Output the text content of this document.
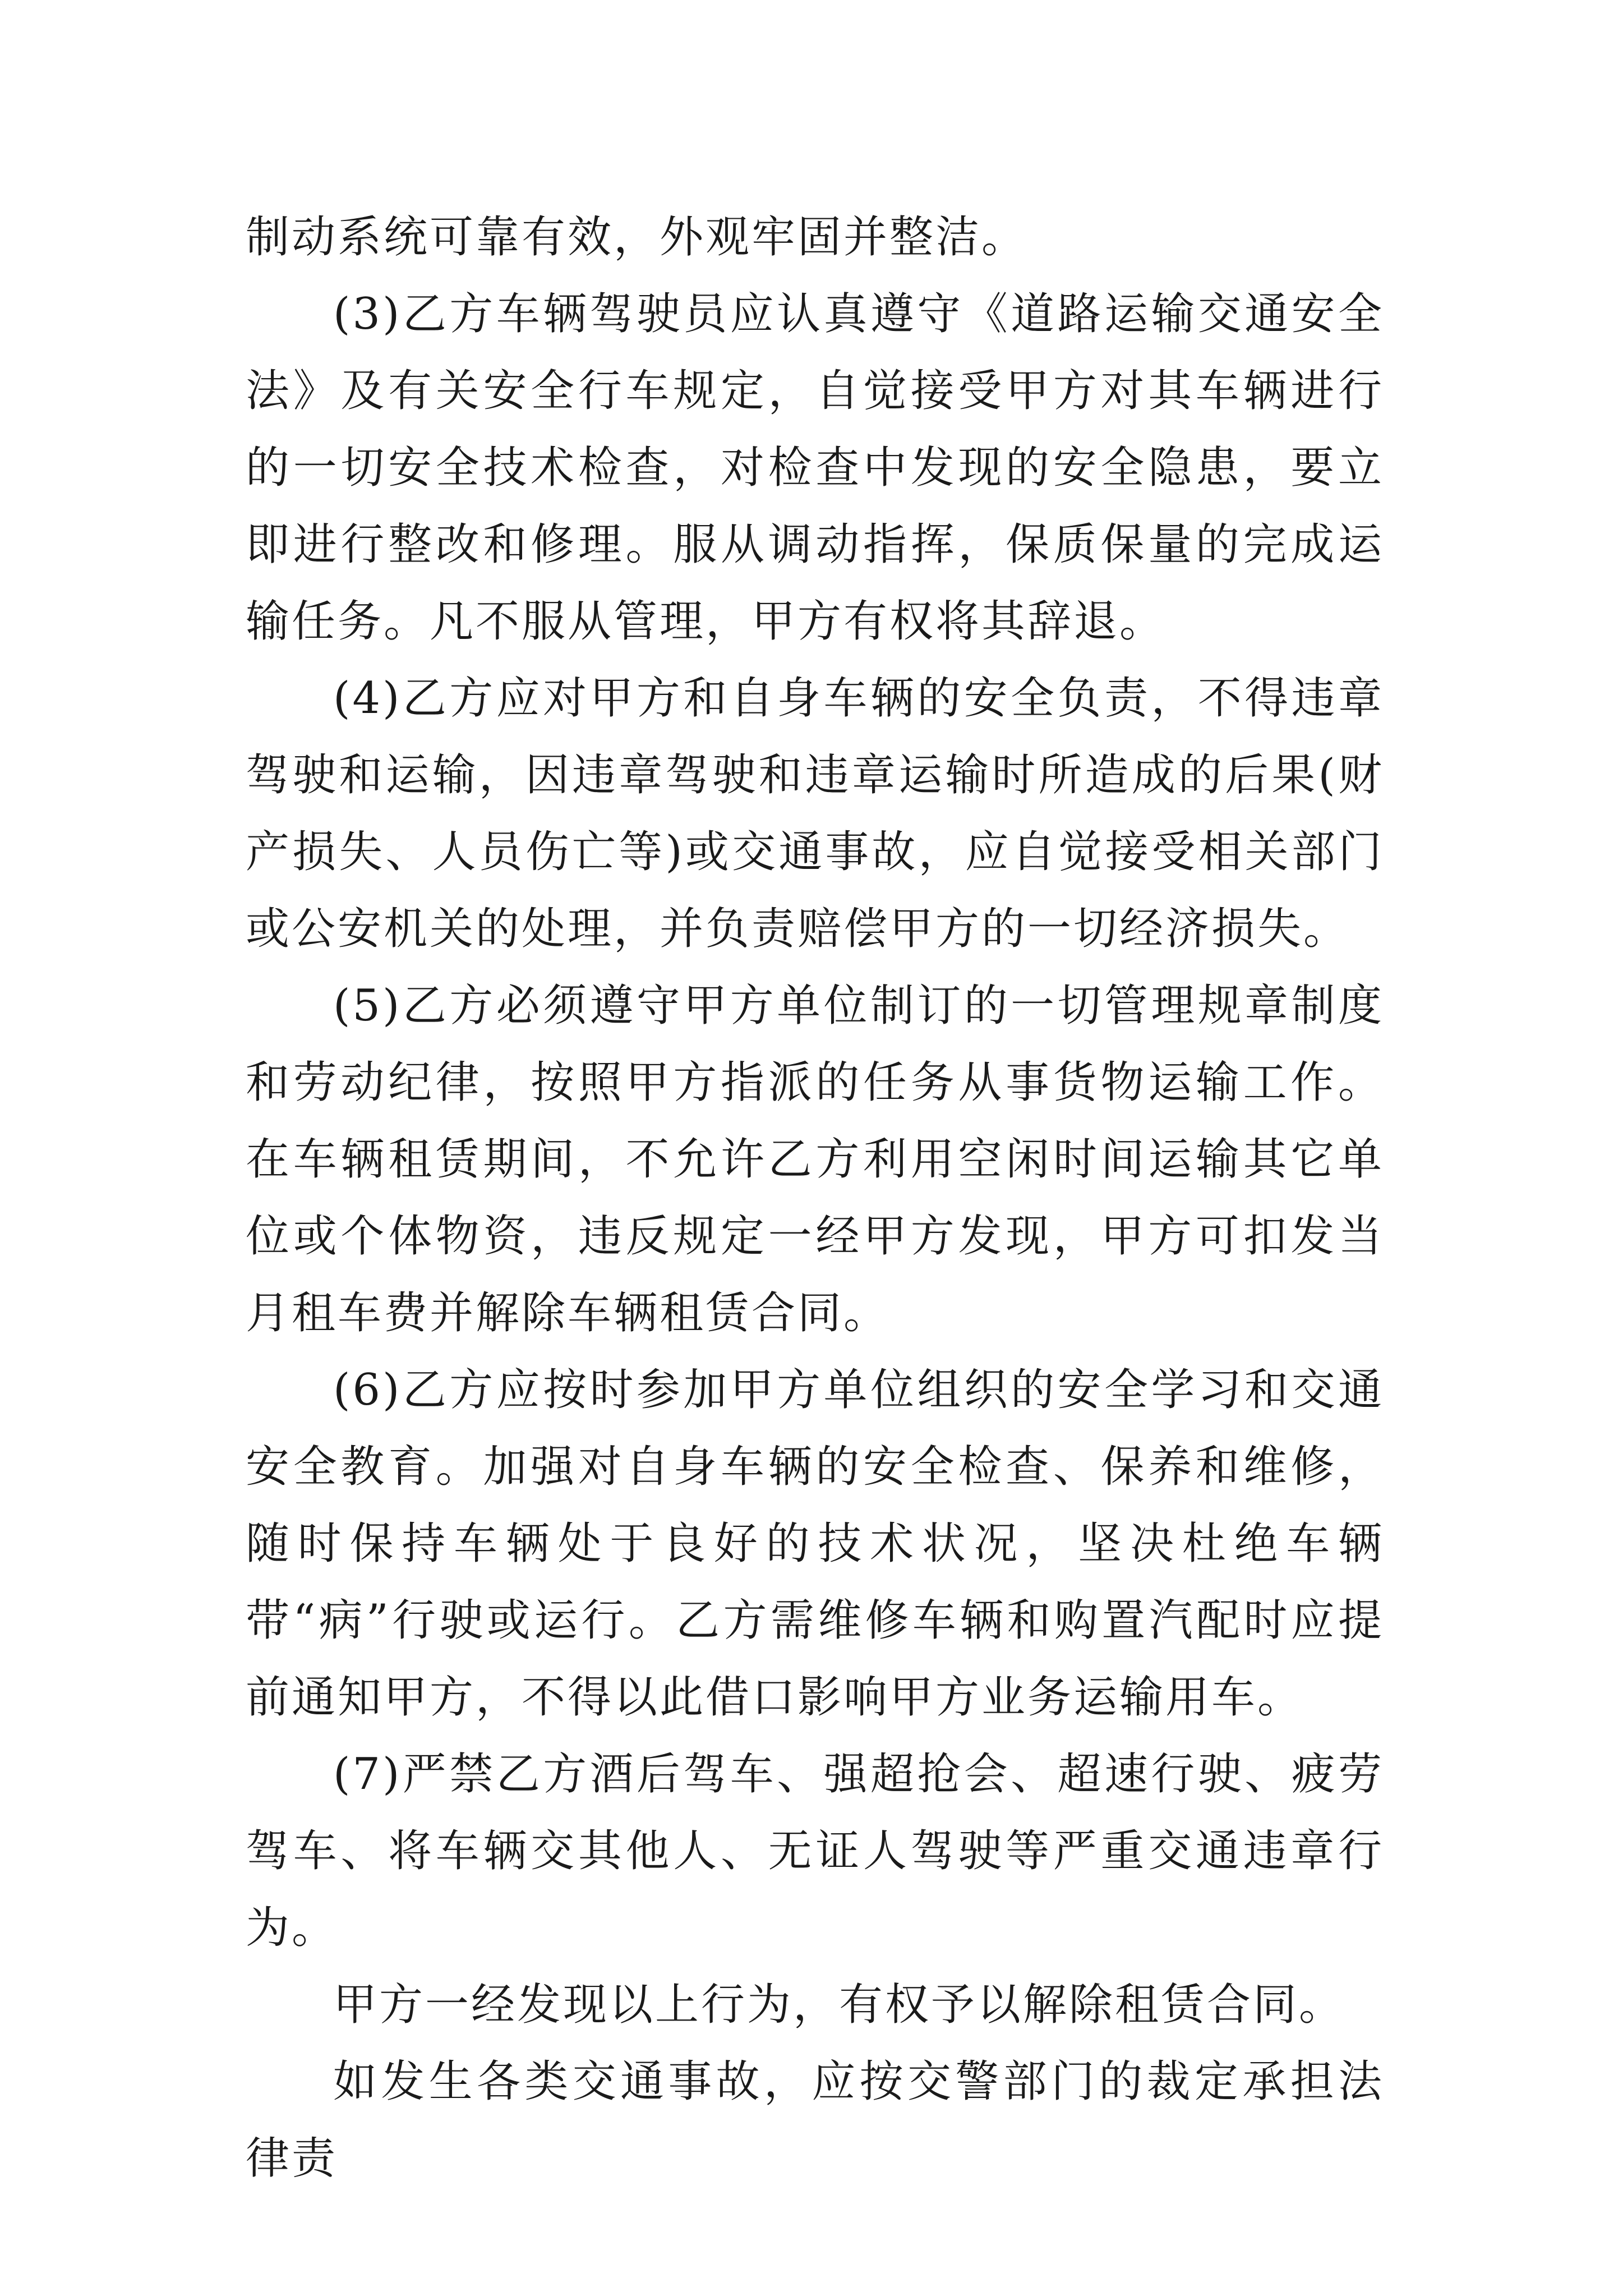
制动系统可靠有效，外观牢固并整洁。

(3)乙方车辆驾驶员应认真遵守《道路运输交通安全法》及有关安全行车规定，自觉接受甲方对其车辆进行的一切安全技术检查，对检查中发现的安全隐患，要立即进行整改和修理。服从调动指挥，保质保量的完成运输任务。凡不服从管理，甲方有权将其辞退。

(4)乙方应对甲方和自身车辆的安全负责，不得违章驾驶和运输，因违章驾驶和违章运输时所造成的后果(财产损失、人员伤亡等)或交通事故，应自觉接受相关部门或公安机关的处理，并负责赔偿甲方的一切经济损失。

(5)乙方必须遵守甲方单位制订的一切管理规章制度和劳动纪律，按照甲方指派的任务从事货物运输工作。在车辆租赁期间，不允许乙方利用空闲时间运输其它单位或个体物资，违反规定一经甲方发现，甲方可扣发当月租车费并解除车辆租赁合同。

(6)乙方应按时参加甲方单位组织的安全学习和交通安全教育。加强对自身车辆的安全检查、保养和维修，随时保持车辆处于良好的技术状况，坚决杜绝车辆带“病”行驶或运行。乙方需维修车辆和购置汽配时应提前通知甲方，不得以此借口影响甲方业务运输用车。

(7)严禁乙方酒后驾车、强超抢会、超速行驶、疲劳驾车、将车辆交其他人、无证人驾驶等严重交通违章行为。

甲方一经发现以上行为，有权予以解除租赁合同。

如发生各类交通事故，应按交警部门的裁定承担法律责
